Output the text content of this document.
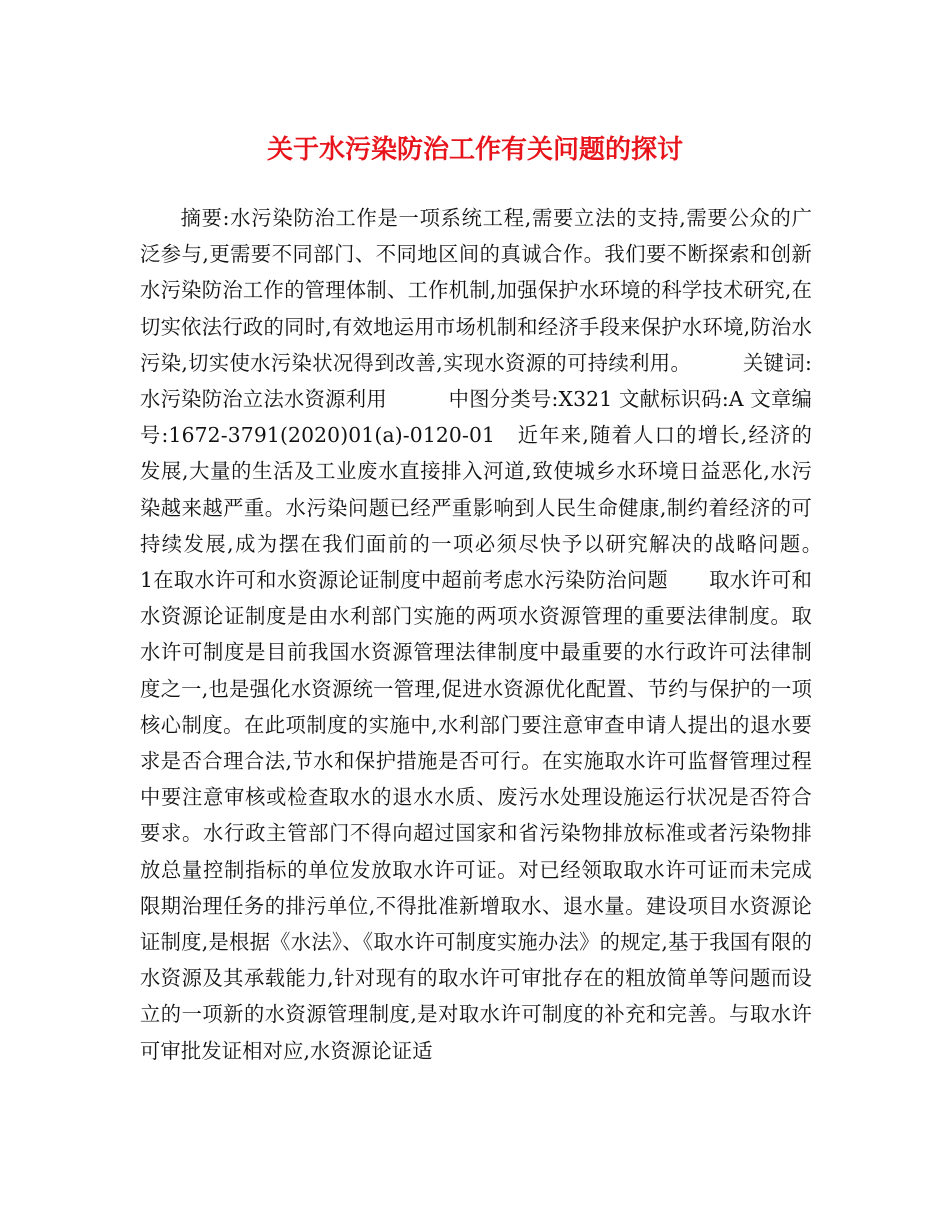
关于水污染防治工作有关问题的探讨

摘要:水污染防治工作是一项系统工程,需要立法的支持,需要公众的广泛参与,更需要不同部门、不同地区间的真诚合作。我们要不断探索和创新水污染防治工作的管理体制、工作机制,加强保护水环境的科学技术研究,在切实依法行政的同时,有效地运用市场机制和经济手段来保护水环境,防治水污染,切实使水污染状况得到改善,实现水资源的可持续利用。　　　关键词:水污染防治立法水资源利用　　　中图分类号:X321 文献标识码:A 文章编号:1672-3791(2020)01(a)-0120-01　近年来,随着人口的增长,经济的发展,大量的生活及工业废水直接排入河道,致使城乡水环境日益恶化,水污染越来越严重。水污染问题已经严重影响到人民生命健康,制约着经济的可持续发展,成为摆在我们面前的一项必须尽快予以研究解决的战略问题。　　　　1在取水许可和水资源论证制度中超前考虑水污染防治问题　　取水许可和水资源论证制度是由水利部门实施的两项水资源管理的重要法律制度。取水许可制度是目前我国水资源管理法律制度中最重要的水行政许可法律制度之一,也是强化水资源统一管理,促进水资源优化配置、节约与保护的一项核心制度。在此项制度的实施中,水利部门要注意审查申请人提出的退水要求是否合理合法,节水和保护措施是否可行。在实施取水许可监督管理过程中要注意审核或检查取水的退水水质、废污水处理设施运行状况是否符合要求。水行政主管部门不得向超过国家和省污染物排放标准或者污染物排放总量控制指标的单位发放取水许可证。对已经领取取水许可证而未完成限期治理任务的排污单位,不得批准新增取水、退水量。建设项目水资源论证制度,是根据《水法》、《取水许可制度实施办法》的规定,基于我国有限的水资源及其承载能力,针对现有的取水许可审批存在的粗放简单等问题而设立的一项新的水资源管理制度,是对取水许可制度的补充和完善。与取水许可审批发证相对应,水资源论证适
